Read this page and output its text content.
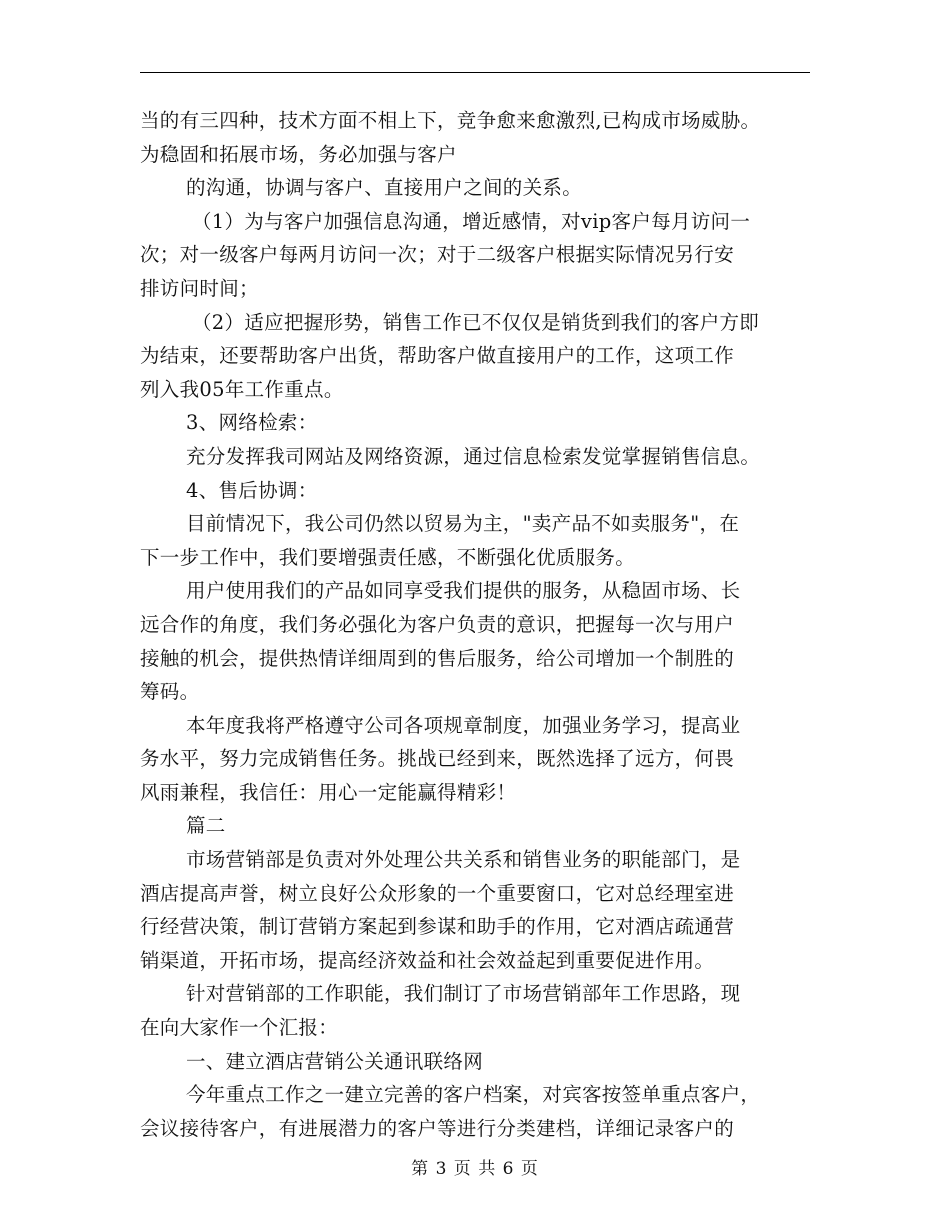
当的有三四种，技术方面不相上下，竞争愈来愈激烈,已构成市场威胁。
为稳固和拓展市场，务必加强与客户
的沟通，协调与客户、直接用户之间的关系。
（1）为与客户加强信息沟通，增近感情，对vip客户每月访问一
次；对一级客户每两月访问一次；对于二级客户根据实际情况另行安
排访问时间；
（2）适应把握形势，销售工作已不仅仅是销货到我们的客户方即
为结束，还要帮助客户出货，帮助客户做直接用户的工作，这项工作
列入我05年工作重点。
3、网络检索：
充分发挥我司网站及网络资源，通过信息检索发觉掌握销售信息。
4、售后协调：
目前情况下，我公司仍然以贸易为主，"卖产品不如卖服务"，在
下一步工作中，我们要增强责任感，不断强化优质服务。
用户使用我们的产品如同享受我们提供的服务，从稳固市场、长
远合作的角度，我们务必强化为客户负责的意识，把握每一次与用户
接触的机会，提供热情详细周到的售后服务，给公司增加一个制胜的
筹码。
本年度我将严格遵守公司各项规章制度，加强业务学习，提高业
务水平，努力完成销售任务。挑战已经到来，既然选择了远方，何畏
风雨兼程，我信任：用心一定能赢得精彩！
篇二
市场营销部是负责对外处理公共关系和销售业务的职能部门，是
酒店提高声誉，树立良好公众形象的一个重要窗口，它对总经理室进
行经营决策，制订营销方案起到参谋和助手的作用，它对酒店疏通营
销渠道，开拓市场，提高经济效益和社会效益起到重要促进作用。
针对营销部的工作职能，我们制订了市场营销部年工作思路，现
在向大家作一个汇报：
一、建立酒店营销公关通讯联络网
今年重点工作之一建立完善的客户档案，对宾客按签单重点客户，
会议接待客户，有进展潜力的客户等进行分类建档，详细记录客户的
第 3 页 共 6 页
